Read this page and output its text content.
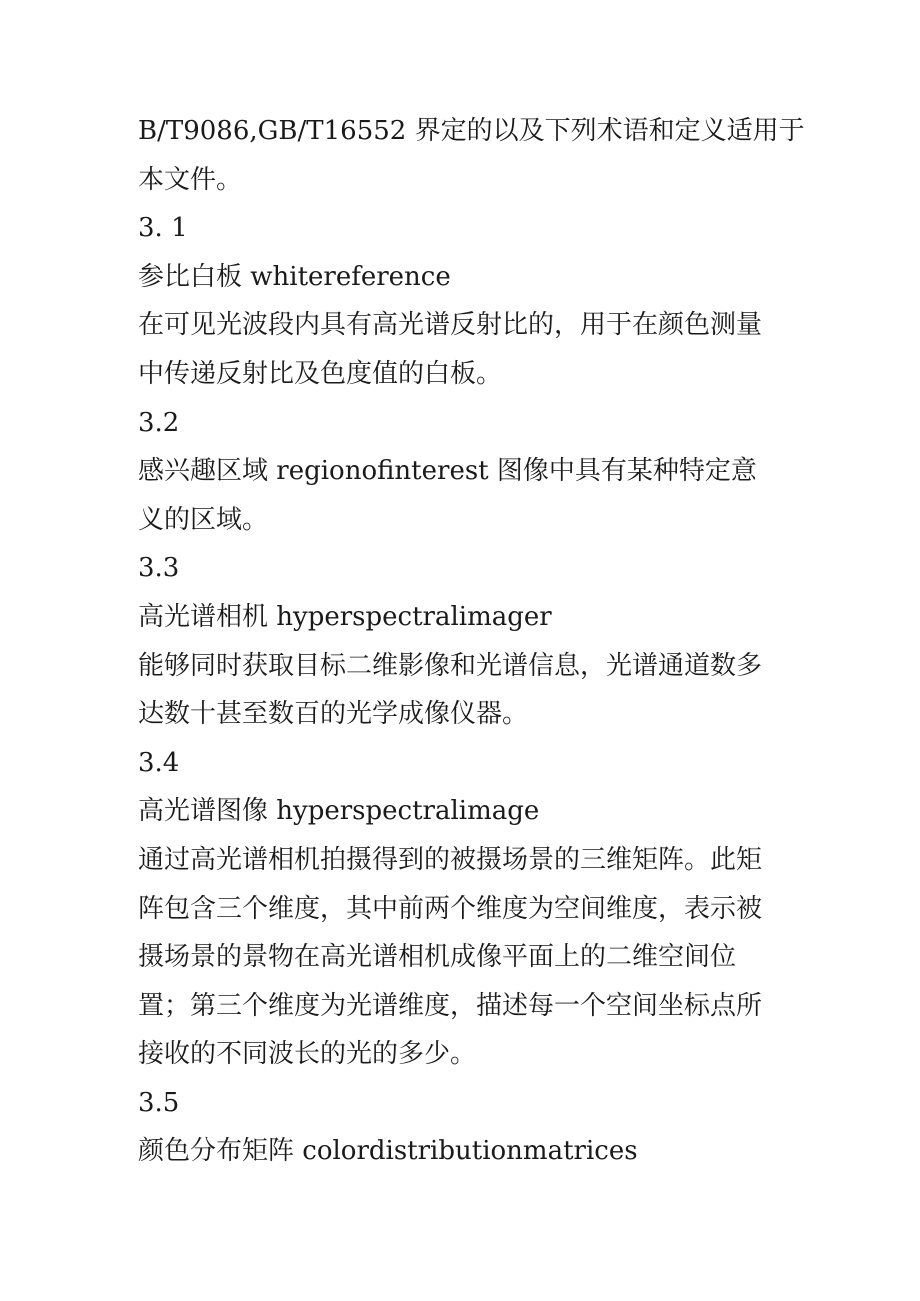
B/T9086,GB/T16552 界定的以及下列术语和定义适用于
本文件。
3. 1
参比白板 whitereference
在可见光波段内具有高光谱反射比的，用于在颜色测量
中传递反射比及色度值的白板。
3.2
感兴趣区域 regionofinterest 图像中具有某种特定意
义的区域。
3.3
高光谱相机 hyperspectralimager
能够同时获取目标二维影像和光谱信息，光谱通道数多
达数十甚至数百的光学成像仪器。
3.4
高光谱图像 hyperspectralimage
通过高光谱相机拍摄得到的被摄场景的三维矩阵。此矩
阵包含三个维度，其中前两个维度为空间维度，表示被
摄场景的景物在高光谱相机成像平面上的二维空间位
置；第三个维度为光谱维度，描述每一个空间坐标点所
接收的不同波长的光的多少。
3.5
颜色分布矩阵 colordistributionmatrices
